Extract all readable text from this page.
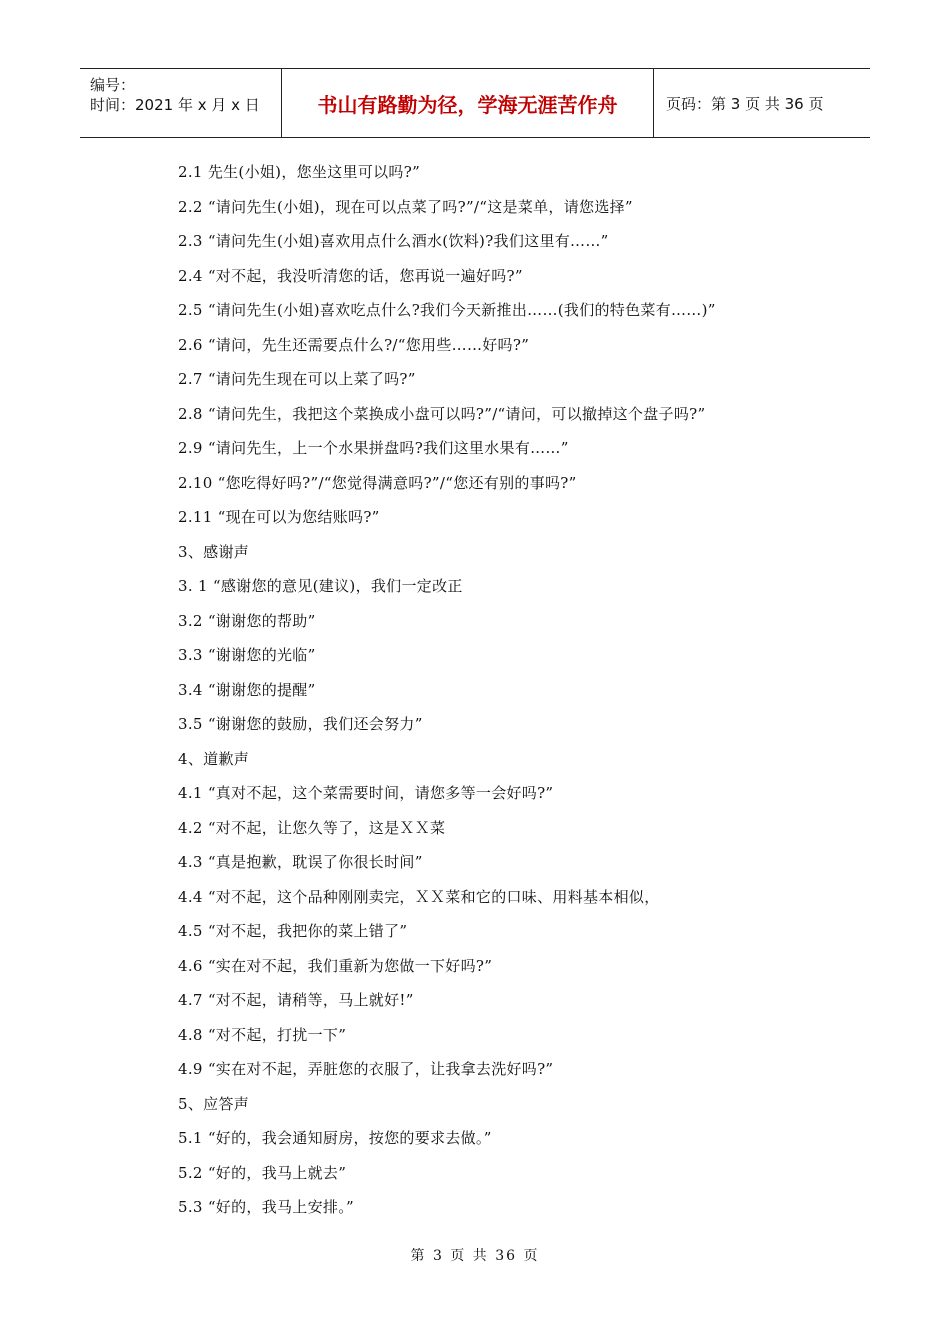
编号：
时间：2021 年 x 月 x 日	书山有路勤为径，学海无涯苦作舟	页码：第 3 页 共 36 页
2.1 先生(小姐)，您坐这里可以吗?”
2.2 “请问先生(小姐)，现在可以点菜了吗?”/“这是菜单，请您选择”
2.3 “请问先生(小姐)喜欢用点什么酒水(饮料)?我们这里有……”
2.4 “对不起，我没听清您的话，您再说一遍好吗?”
2.5 “请问先生(小姐)喜欢吃点什么?我们今天新推出……(我们的特色菜有……)”
2.6 “请问，先生还需要点什么?/“您用些……好吗?”
2.7 “请问先生现在可以上菜了吗?”
2.8 “请问先生，我把这个菜换成小盘可以吗?”/“请问，可以撤掉这个盘子吗?”
2.9 “请问先生，上一个水果拼盘吗?我们这里水果有……”
2.10 “您吃得好吗?”/“您觉得满意吗?”/“您还有别的事吗?”
2.11 “现在可以为您结账吗?”
3、感谢声
3. 1 “感谢您的意见(建议)，我们一定改正
3.2 “谢谢您的帮助”
3.3 “谢谢您的光临”
3.4 “谢谢您的提醒”
3.5 “谢谢您的鼓励，我们还会努力”
4、道歉声
4.1 “真对不起，这个菜需要时间，请您多等一会好吗?”
4.2 “对不起，让您久等了，这是ＸＸ菜
4.3 “真是抱歉，耽误了你很长时间”
4.4 “对不起，这个品种刚刚卖完，ＸＸ菜和它的口味、用料基本相似，
4.5 “对不起，我把你的菜上错了”
4.6 “实在对不起，我们重新为您做一下好吗?”
4.7 “对不起，请稍等，马上就好!”
4.8 “对不起，打扰一下”
4.9 “实在对不起，弄脏您的衣服了，让我拿去洗好吗?”
5、应答声
5.1 “好的，我会通知厨房，按您的要求去做。”
5.2 “好的，我马上就去”
5.3 “好的，我马上安排。”
第 3 页 共 36 页
